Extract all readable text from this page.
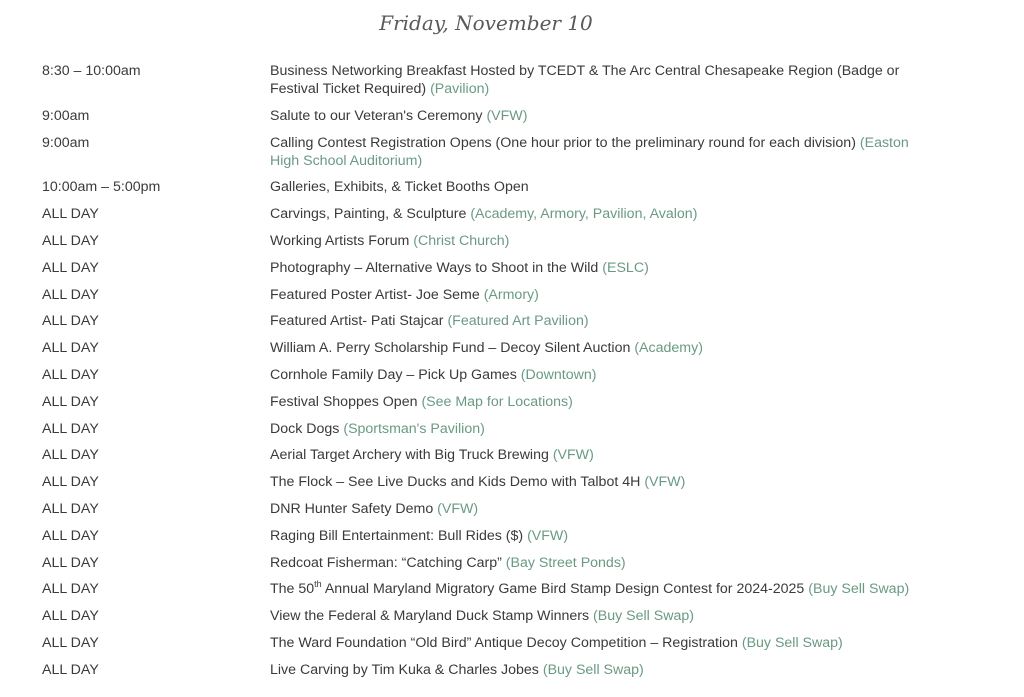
Friday, November 10
8:30 – 10:00am	Business Networking Breakfast Hosted by TCEDT & The Arc Central Chesapeake Region (Badge or Festival Ticket Required) (Pavilion)
9:00am	Salute to our Veteran's Ceremony (VFW)
9:00am	Calling Contest Registration Opens (One hour prior to the preliminary round for each division) (Easton High School Auditorium)
10:00am – 5:00pm	Galleries, Exhibits, & Ticket Booths Open
ALL DAY	Carvings, Painting, & Sculpture (Academy, Armory, Pavilion, Avalon)
ALL DAY	Working Artists Forum (Christ Church)
ALL DAY	Photography – Alternative Ways to Shoot in the Wild (ESLC)
ALL DAY	Featured Poster Artist- Joe Seme (Armory)
ALL DAY	Featured Artist- Pati Stajcar (Featured Art Pavilion)
ALL DAY	William A. Perry Scholarship Fund – Decoy Silent Auction (Academy)
ALL DAY	Cornhole Family Day – Pick Up Games (Downtown)
ALL DAY	Festival Shoppes Open (See Map for Locations)
ALL DAY	Dock Dogs (Sportsman's Pavilion)
ALL DAY	Aerial Target Archery with Big Truck Brewing (VFW)
ALL DAY	The Flock – See Live Ducks and Kids Demo with Talbot 4H (VFW)
ALL DAY	DNR Hunter Safety Demo (VFW)
ALL DAY	Raging Bill Entertainment: Bull Rides ($) (VFW)
ALL DAY	Redcoat Fisherman: “Catching Carp” (Bay Street Ponds)
ALL DAY	The 50th Annual Maryland Migratory Game Bird Stamp Design Contest for 2024-2025 (Buy Sell Swap)
ALL DAY	View the Federal & Maryland Duck Stamp Winners (Buy Sell Swap)
ALL DAY	The Ward Foundation “Old Bird” Antique Decoy Competition – Registration (Buy Sell Swap)
ALL DAY	Live Carving by Tim Kuka & Charles Jobes (Buy Sell Swap)
